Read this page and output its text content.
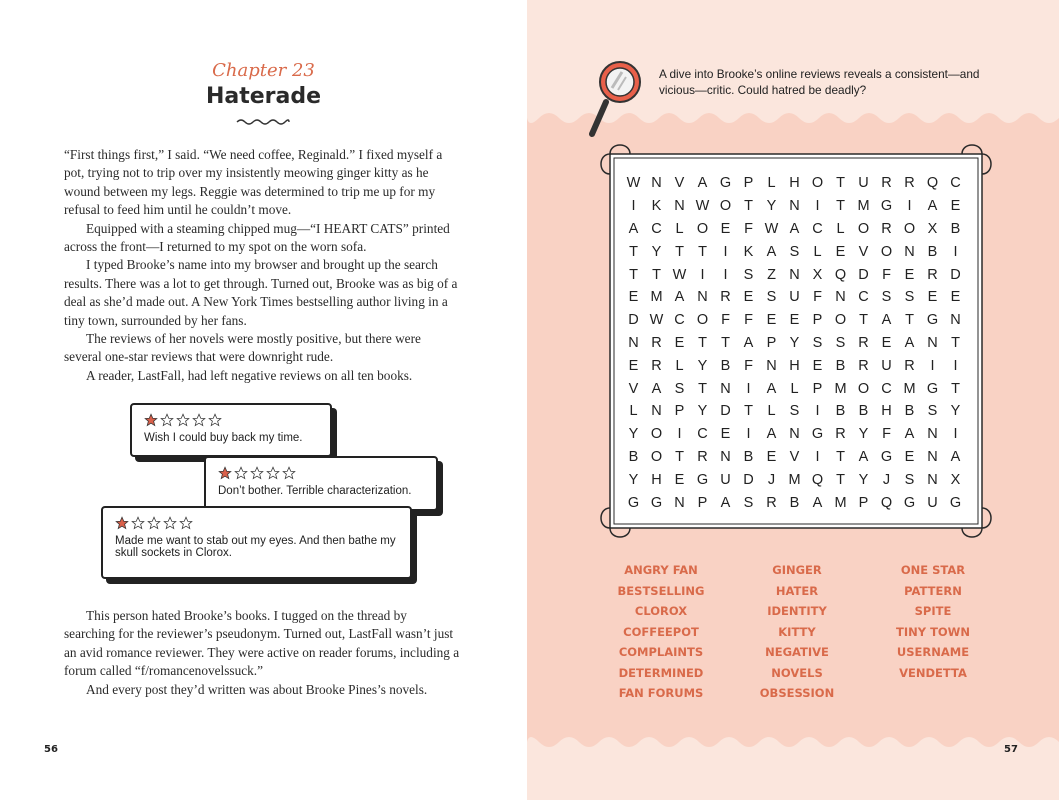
Chapter 23
Haterade

“First things first,” I said. “We need coffee, Reginald.” I fixed myself a pot, trying not to trip over my insistently meowing ginger kitty as he wound between my legs. Reggie was determined to trip me up for my refusal to feed him until he couldn’t move.

Equipped with a steaming chipped mug—“I HEART CATS” printed across the front—I returned to my spot on the worn sofa.

I typed Brooke’s name into my browser and brought up the search results. There was a lot to get through. Turned out, Brooke was as big of a deal as she’d made out. A New York Times bestselling author living in a tiny town, surrounded by her fans.

The reviews of her novels were mostly positive, but there were several one-star reviews that were downright rude.

A reader, LastFall, had left negative reviews on all ten books.

Wish I could buy back my time.
Don’t bother. Terrible characterization.
Made me want to stab out my eyes. And then bathe my skull sockets in Clorox.

This person hated Brooke’s books. I tugged on the thread by searching for the reviewer’s pseudonym. Turned out, LastFall wasn’t just an avid romance reviewer. They were active on reader forums, including a forum called “f/romancenovelssuck.”

And every post they’d written was about Brooke Pines’s novels.

56
A dive into Brooke’s online reviews reveals a consistent—and vicious—critic. Could hatred be deadly?
W N V A G P L H O T U R R Q C
I	K N W O T Y N	I	T M G	I	A E
A C L O E F W A C L O R O X B
T Y T T	I	K A S L E V O N B	I
T T W I	I	S Z N X Q D F E R D
E M A N R E S U F N C S S E E
D W C O F F E E P O T A T G N
N R E T T A P Y S S R E A N T
E R L Y B F N H E B R U R	I	I
V A S T N	I	A L P M O C M G T
L N P Y D T	L S	I	B B H B S Y
Y O	I	C E	I	A N G R Y F A N	I
B O T R N B E V	I	T A G E N A
Y H E G U D J M Q T Y	J	S N X
G G N P A S R B A M P Q G U G
ANGRY FAN
BESTSELLING
CLOROX
COFFEEPOT
COMPLAINTS
DETERMINED
FAN FORUMS
GINGER
HATER
IDENTITY
KITTY
NEGATIVE
NOVELS
OBSESSION
ONE STAR
PATTERN
SPITE
TINY TOWN
USERNAME
VENDETTA
57
